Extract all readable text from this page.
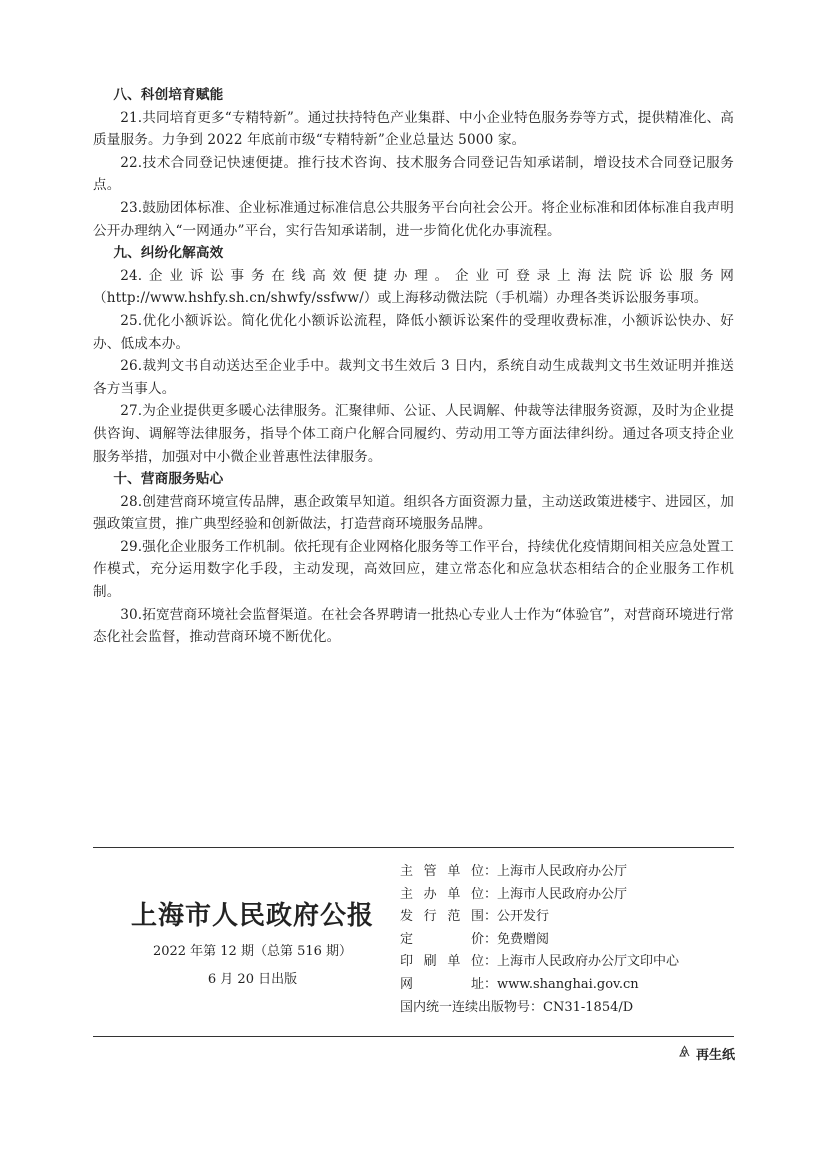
八、科创培育赋能

21.共同培育更多“专精特新”。通过扶持特色产业集群、中小企业特色服务券等方式，提供精准化、高质量服务。力争到 2022 年底前市级“专精特新”企业总量达 5000 家。

22.技术合同登记快速便捷。推行技术咨询、技术服务合同登记告知承诺制，增设技术合同登记服务点。

23.鼓励团体标准、企业标准通过标准信息公共服务平台向社会公开。将企业标准和团体标准自我声明公开办理纳入“一网通办”平台，实行告知承诺制，进一步简化优化办事流程。

九、纠纷化解高效

24.企业诉讼事务在线高效便捷办理。企业可登录上海法院诉讼服务网（http://www.hshfy.sh.cn/shwfy/ssfww/）或上海移动微法院（手机端）办理各类诉讼服务事项。

25.优化小额诉讼。简化优化小额诉讼流程，降低小额诉讼案件的受理收费标准，小额诉讼快办、好办、低成本办。

26.裁判文书自动送达至企业手中。裁判文书生效后 3 日内，系统自动生成裁判文书生效证明并推送各方当事人。

27.为企业提供更多暖心法律服务。汇聚律师、公证、人民调解、仲裁等法律服务资源，及时为企业提供咨询、调解等法律服务，指导个体工商户化解合同履约、劳动用工等方面法律纠纷。通过各项支持企业服务举措，加强对中小微企业普惠性法律服务。

十、营商服务贴心

28.创建营商环境宣传品牌，惠企政策早知道。组织各方面资源力量，主动送政策进楼宇、进园区，加强政策宣贯，推广典型经验和创新做法，打造营商环境服务品牌。

29.强化企业服务工作机制。依托现有企业网格化服务等工作平台，持续优化疫情期间相关应急处置工作模式，充分运用数字化手段，主动发现，高效回应，建立常态化和应急状态相结合的企业服务工作机制。

30.拓宽营商环境社会监督渠道。在社会各界聘请一批热心专业人士作为“体验官”，对营商环境进行常态化社会监督，推动营商环境不断优化。

上海市人民政府公报
2022 年第 12 期（总第 516 期）
6 月 20 日出版
主管单位：上海市人民政府办公厅
主办单位：上海市人民政府办公厅
发行范围：公开发行
定价：免费赠阅
印刷单位：上海市人民政府办公厅文印中心
网址：www.shanghai.gov.cn
国内统一连续出版物号：CN31-1854/D
再生纸
